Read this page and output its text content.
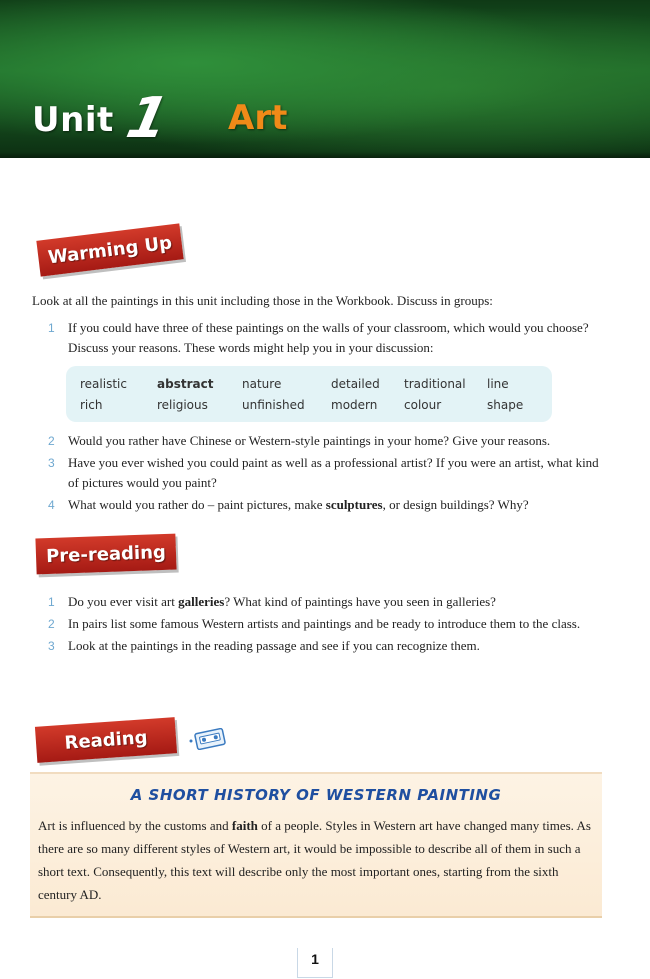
Unit 1 Art
Warming Up
Look at all the paintings in this unit including those in the Workbook. Discuss in groups:
1 If you could have three of these paintings on the walls of your classroom, which would you choose? Discuss your reasons. These words might help you in your discussion:
realistic	abstract nature	detailed traditional line
rich	religious	unfinished modern colour	shape
2 Would you rather have Chinese or Western-style paintings in your home? Give your reasons.
3 Have you ever wished you could paint as well as a professional artist? If you were an artist, what kind of pictures would you paint?
4 What would you rather do – paint pictures, make sculptures, or design buildings? Why?
Pre-reading
1 Do you ever visit art galleries? What kind of paintings have you seen in galleries?
2 In pairs list some famous Western artists and paintings and be ready to introduce them to the class.
3 Look at the paintings in the reading passage and see if you can recognize them.
Reading
A SHORT HISTORY OF WESTERN PAINTING
Art is influenced by the customs and faith of a people. Styles in Western art have changed many times. As there are so many different styles of Western art, it would be impossible to describe all of them in such a short text. Consequently, this text will describe only the most important ones, starting from the sixth century AD.
1
